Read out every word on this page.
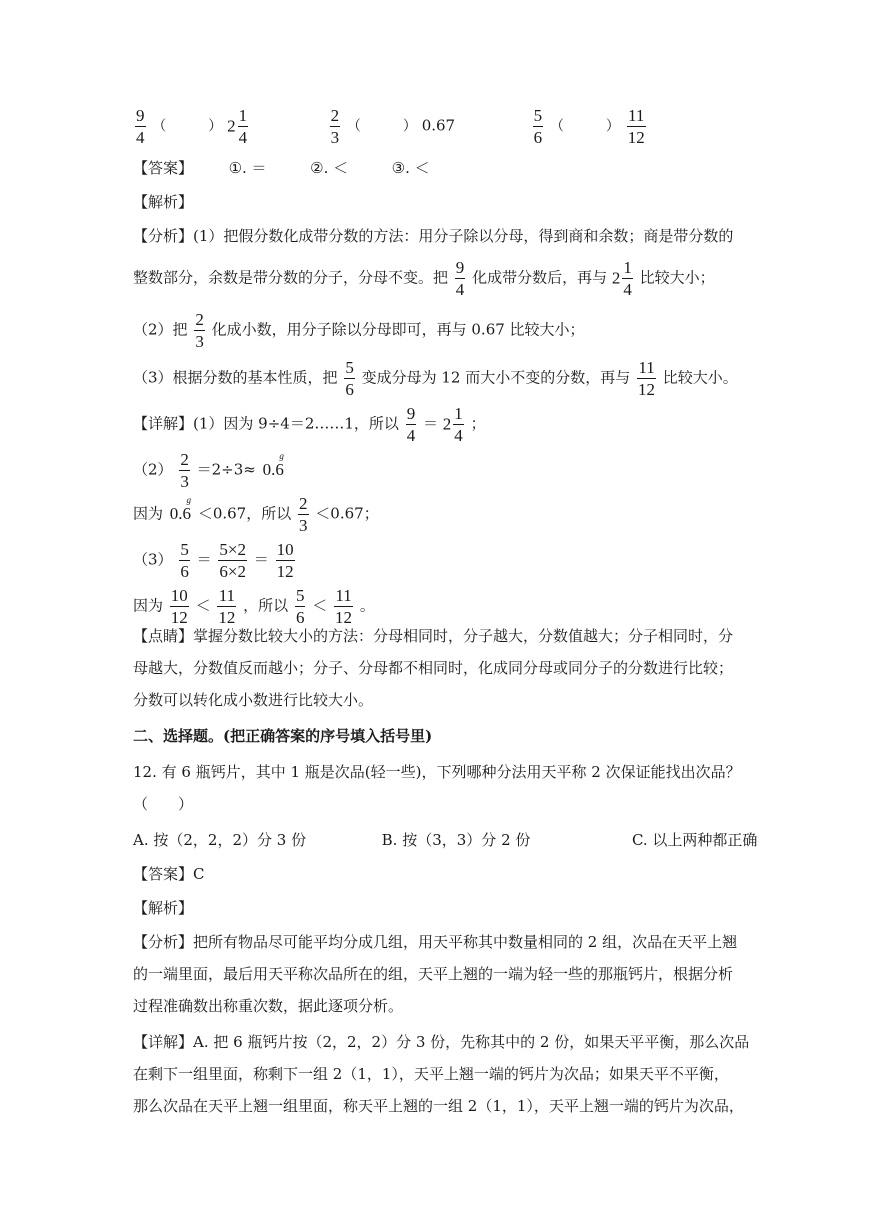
$\frac{9}{4}$ （　　　） $2 \frac{1}{4}$
	$\frac{2}{3}$ （　　　） 0.67	$\frac{5}{6}$ （　　　） $\frac{11}{12}$
【答案】 ①. ＝	②. ＜	③. ＜
【解析】
【分析】(1）把假分数化成带分数的方法：用分子除以分母，得到商和余数；商是带分数的
整数部分，余数是带分数的分子，分母不变。把 $\frac{9}{4}$ 化成带分数后，再与 $2 \frac{1}{4}$ 比较大小；
（2）把 $\frac{2}{3}$ 化成小数，用分子除以分母即可，再与 0.67 比较大小；
（3）根据分数的基本性质，把 $\frac{5}{6}$ 变成分母为 12 而大小不变的分数，再与 $\frac{11}{12}$ 比较大小。
【详解】(1）因为 9÷4＝2……1，所以 $\frac{9}{4} = 2 \frac{1}{4}$ ；
$(2) \frac{2}{3} =2\div 3\approx 0.6$
g
因为 0.6
g
＜0.67，所以 $\frac{2}{3} <0.67$；
$(3) \frac{5}{6} = \frac{5\times 2}{6\times 2} = \frac{10}{12}$
因为 $\frac{10}{12} < \frac{11}{12}$ ，所以 $\frac{5}{6} < \frac{11}{12}$ 。
【点睛】掌握分数比较大小的方法：分母相同时，分子越大，分数值越大；分子相同时，分
母越大，分数值反而越小；分子、分母都不相同时，化成同分母或同分子的分数进行比较；
分数可以转化成小数进行比较大小。
二、选择题。(把正确答案的序号填入括号里)
12. 有 6 瓶钙片，其中 1 瓶是次品(轻一些)，下列哪种分法用天平称 2 次保证能找出次品？
（　　）
A. 按（2，2，2）分 3 份	B. 按（3，3）分 2 份	C. 以上两种都正确
【答案】C
【解析】
【分析】把所有物品尽可能平均分成几组，用天平称其中数量相同的 2 组，次品在天平上翘
的一端里面，最后用天平称次品所在的组，天平上翘的一端为轻一些的那瓶钙片，根据分析
过程准确数出称重次数，据此逐项分析。
【详解】A. 把 6 瓶钙片按（2，2，2）分 3 份，先称其中的 2 份，如果天平平衡，那么次品
在剩下一组里面，称剩下一组 2（1，1），天平上翘一端的钙片为次品；如果天平不平衡，
那么次品在天平上翘一组里面，称天平上翘的一组 2（1，1），天平上翘一端的钙片为次品，
